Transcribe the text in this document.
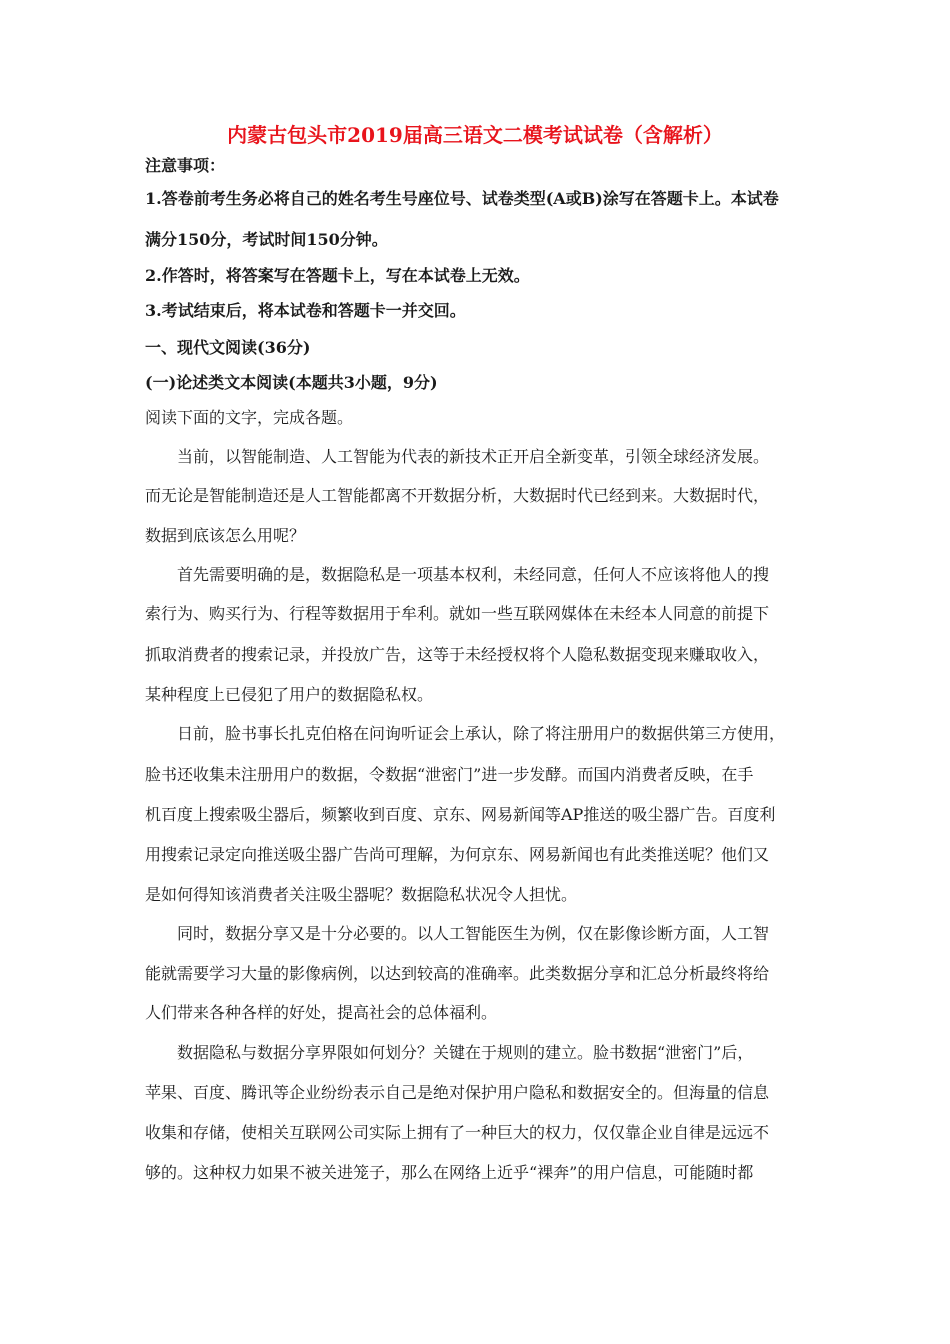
内蒙古包头市2019届高三语文二模考试试卷（含解析）
注意事项：
1.答卷前考生务必将自己的姓名考生号座位号、试卷类型(A或B)涂写在答题卡上。本试卷
满分150分，考试时间150分钟。
2.作答时，将答案写在答题卡上，写在本试卷上无效。
3.考试结束后，将本试卷和答题卡一并交回。
一、现代文阅读(36分)
(一)论述类文本阅读(本题共3小题，9分)
阅读下面的文字，完成各题。
　　当前，以智能制造、人工智能为代表的新技术正开启全新变革，引领全球经济发展。
而无论是智能制造还是人工智能都离不开数据分析，大数据时代已经到来。大数据时代，
数据到底该怎么用呢？
　　首先需要明确的是，数据隐私是一项基本权利，未经同意，任何人不应该将他人的搜
索行为、购买行为、行程等数据用于牟利。就如一些互联网媒体在未经本人同意的前提下
抓取消费者的搜索记录，并投放广告，这等于未经授权将个人隐私数据变现来赚取收入，
某种程度上已侵犯了用户的数据隐私权。
　　日前，脸书事长扎克伯格在问询听证会上承认，除了将注册用户的数据供第三方使用，
脸书还收集未注册用户的数据，令数据“泄密门”进一步发酵。而国内消费者反映，在手
机百度上搜索吸尘器后，频繁收到百度、京东、网易新闻等AP推送的吸尘器广告。百度利
用搜索记录定向推送吸尘器广告尚可理解，为何京东、网易新闻也有此类推送呢？他们又
是如何得知该消费者关注吸尘器呢？数据隐私状况令人担忧。
　　同时，数据分享又是十分必要的。以人工智能医生为例，仅在影像诊断方面，人工智
能就需要学习大量的影像病例，以达到较高的准确率。此类数据分享和汇总分析最终将给
人们带来各种各样的好处，提高社会的总体福利。
　　数据隐私与数据分享界限如何划分？关键在于规则的建立。脸书数据“泄密门”后，
苹果、百度、腾讯等企业纷纷表示自己是绝对保护用户隐私和数据安全的。但海量的信息
收集和存储，使相关互联网公司实际上拥有了一种巨大的权力，仅仅靠企业自律是远远不
够的。这种权力如果不被关进笼子，那么在网络上近乎“裸奔”的用户信息，可能随时都
